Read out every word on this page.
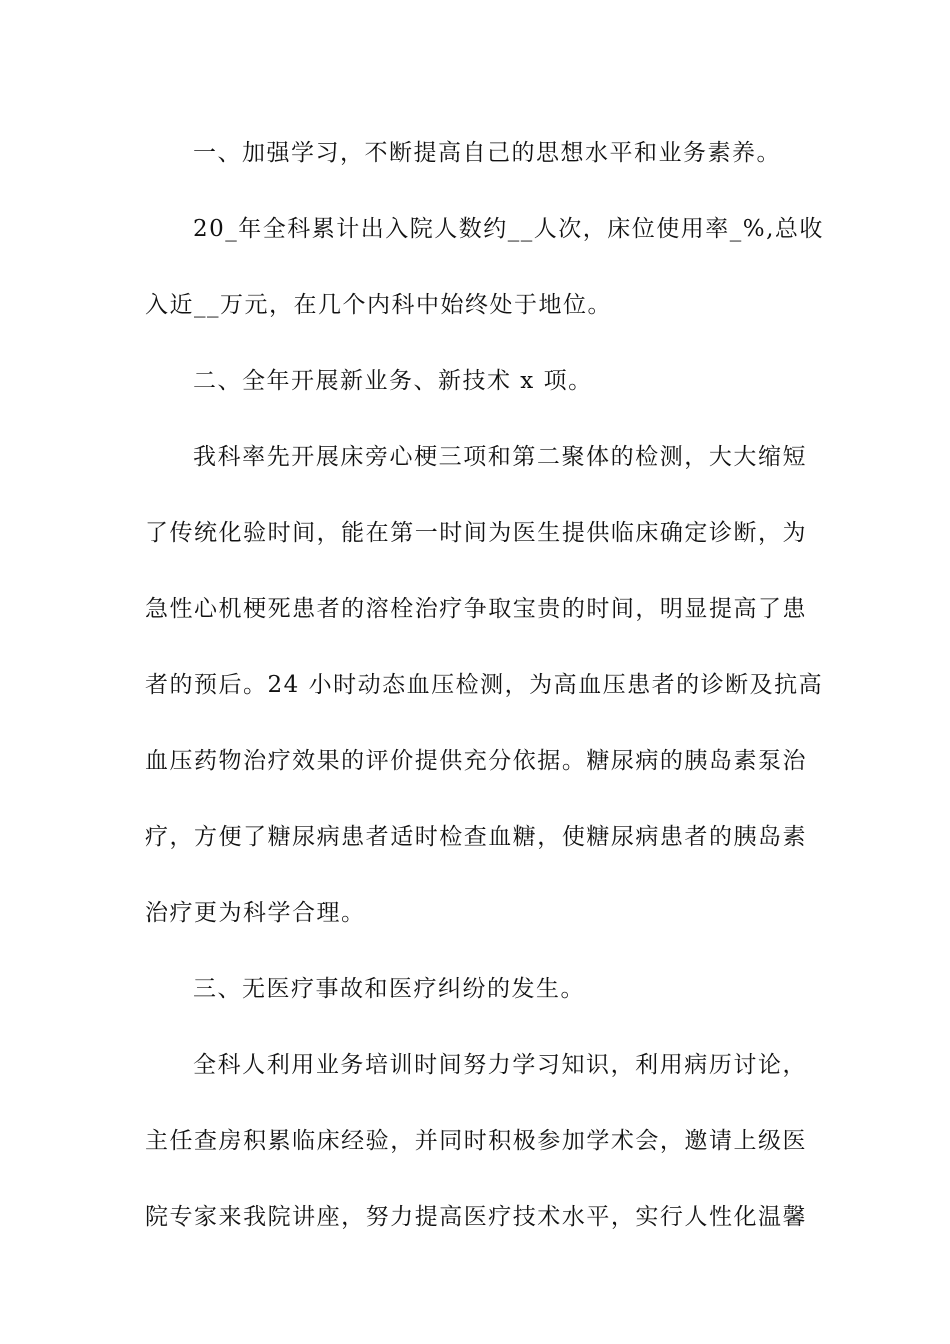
一、加强学习，不断提高自己的思想水平和业务素养。
20_年全科累计出入院人数约__人次，床位使用率_%,总收
入近__万元，在几个内科中始终处于地位。
二、全年开展新业务、新技术 x 项。
我科率先开展床旁心梗三项和第二聚体的检测，大大缩短
了传统化验时间，能在第一时间为医生提供临床确定诊断，为
急性心机梗死患者的溶栓治疗争取宝贵的时间，明显提高了患
者的预后。24 小时动态血压检测，为高血压患者的诊断及抗高
血压药物治疗效果的评价提供充分依据。糖尿病的胰岛素泵治
疗，方便了糖尿病患者适时检查血糖，使糖尿病患者的胰岛素
治疗更为科学合理。
三、无医疗事故和医疗纠纷的发生。
全科人利用业务培训时间努力学习知识，利用病历讨论，
主任查房积累临床经验，并同时积极参加学术会，邀请上级医
院专家来我院讲座，努力提高医疗技术水平，实行人性化温馨
